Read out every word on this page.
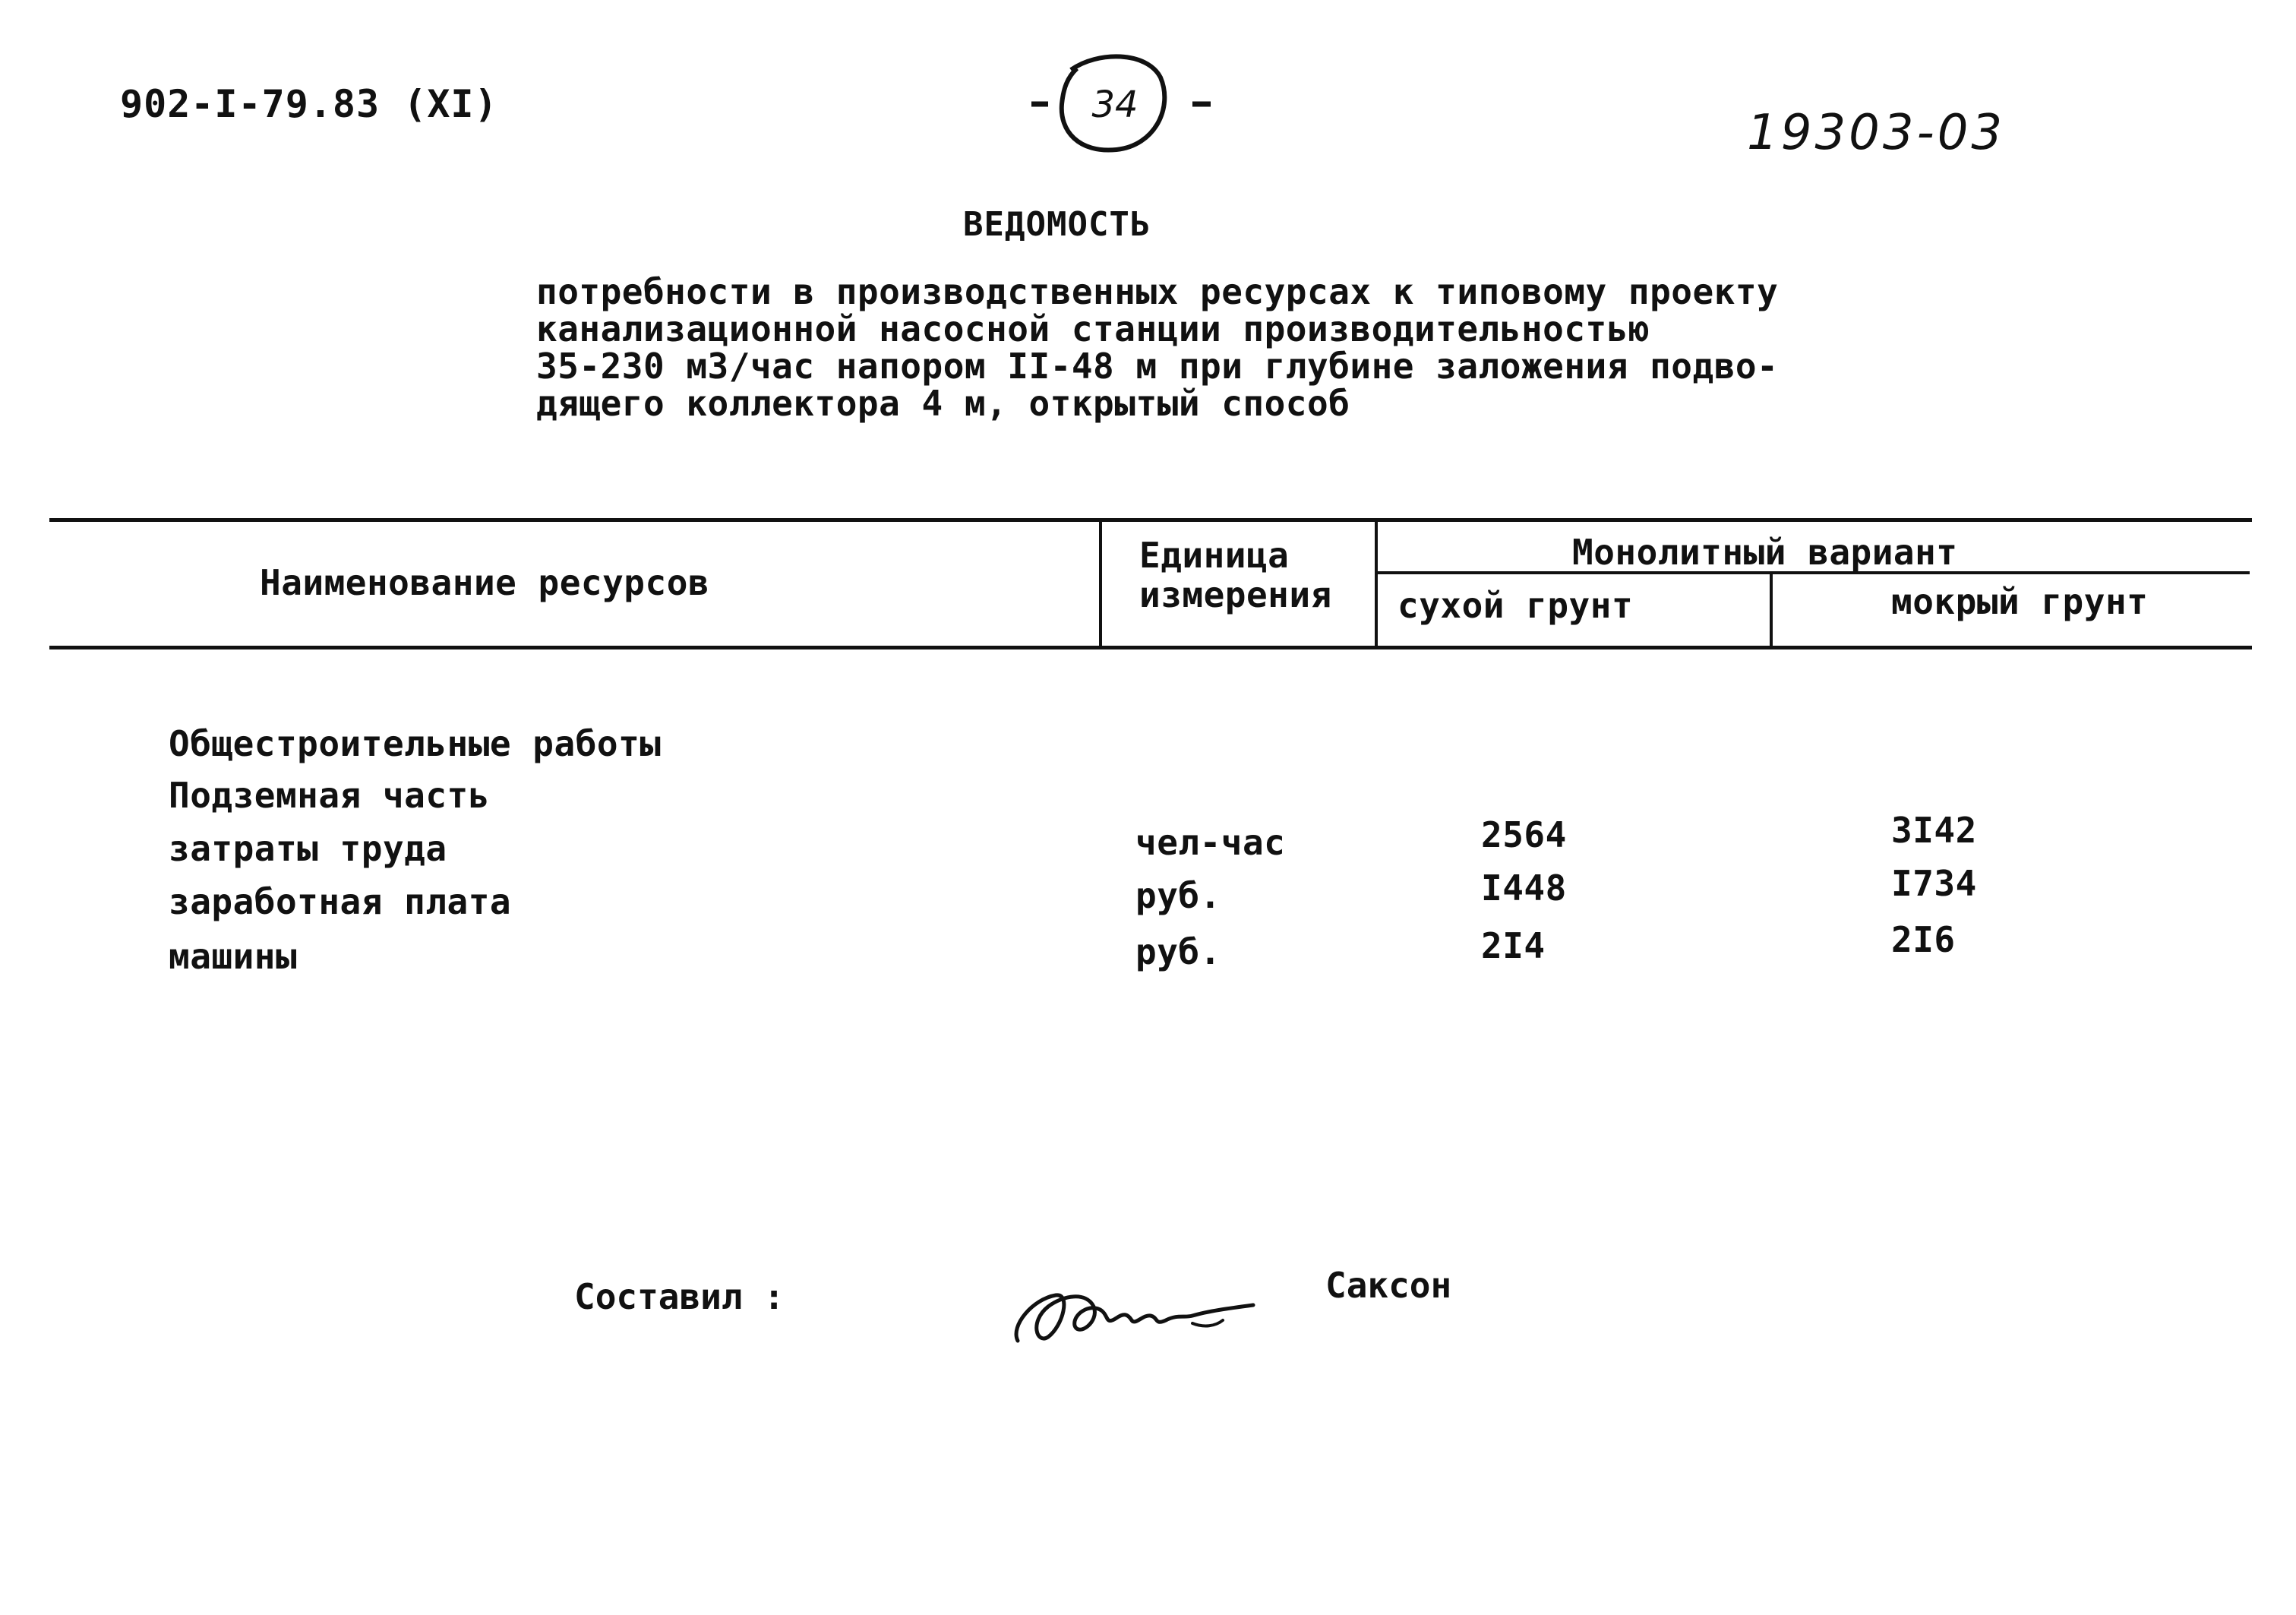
902-I-79.83 (XI)	34	19303-03
ВЕДОМОСТЬ
потребности в производственных ресурсах к типовому проекту
канализационной насосной станции производительностью
35-230 м3/час напором II-48 м при глубине заложения подво-
дящего коллектора 4 м, открытый способ
Наименование ресурсов
Единица
измерения
Монолитный вариант
сухой грунт	мокрый грунт
Общестроительные работы
Подземная часть
затраты труда	чел-час	2564	3I42
заработная плата	руб.	I448	I734
машины	руб.	2I4	2I6
Составил :	Саксон
